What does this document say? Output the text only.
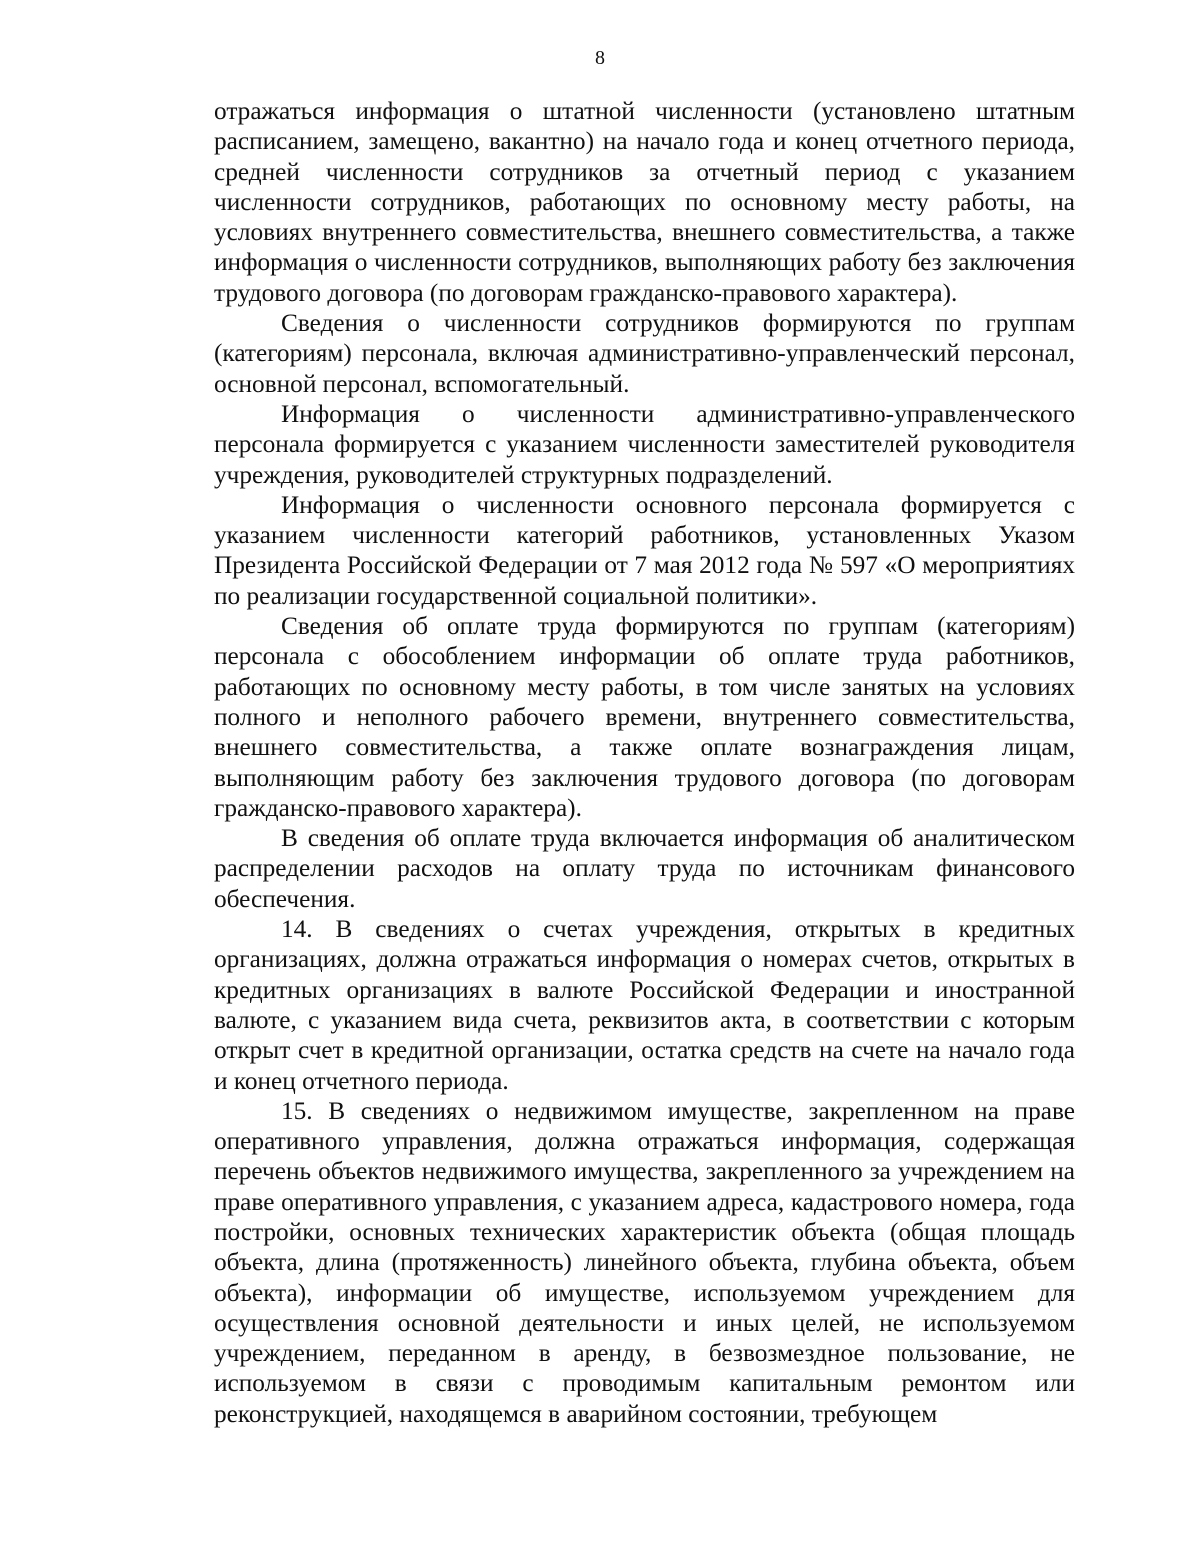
8

отражаться информация о штатной численности (установлено штатным расписанием, замещено, вакантно) на начало года и конец отчетного периода, средней численности сотрудников за отчетный период с указанием численности сотрудников, работающих по основному месту работы, на условиях внутреннего совместительства, внешнего совместительства, а также информация о численности сотрудников, выполняющих работу без заключения трудового договора (по договорам гражданско-правового характера).

Сведения о численности сотрудников формируются по группам (категориям) персонала, включая административно-управленческий персонал, основной персонал, вспомогательный.

Информация о численности административно-управленческого персонала формируется с указанием численности заместителей руководителя учреждения, руководителей структурных подразделений.

Информация о численности основного персонала формируется с указанием численности категорий работников, установленных Указом Президента Российской Федерации от 7 мая 2012 года № 597 «О мероприятиях по реализации государственной социальной политики».

Сведения об оплате труда формируются по группам (категориям) персонала с обособлением информации об оплате труда работников, работающих по основному месту работы, в том числе занятых на условиях полного и неполного рабочего времени, внутреннего совместительства, внешнего совместительства, а также оплате вознаграждения лицам, выполняющим работу без заключения трудового договора (по договорам гражданско-правового характера).

В сведения об оплате труда включается информация об аналитическом распределении расходов на оплату труда по источникам финансового обеспечения.

14. В сведениях о счетах учреждения, открытых в кредитных организациях, должна отражаться информация о номерах счетов, открытых в кредитных организациях в валюте Российской Федерации и иностранной валюте, с указанием вида счета, реквизитов акта, в соответствии с которым открыт счет в кредитной организации, остатка средств на счете на начало года и конец отчетного периода.

15. В сведениях о недвижимом имуществе, закрепленном на праве оперативного управления, должна отражаться информация, содержащая перечень объектов недвижимого имущества, закрепленного за учреждением на праве оперативного управления, с указанием адреса, кадастрового номера, года постройки, основных технических характеристик объекта (общая площадь объекта, длина (протяженность) линейного объекта, глубина объекта, объем объекта), информации об имуществе, используемом учреждением для осуществления основной деятельности и иных целей, не используемом учреждением, переданном в аренду, в безвозмездное пользование, не используемом в связи с проводимым капитальным ремонтом или реконструкцией, находящемся в аварийном состоянии, требующем
